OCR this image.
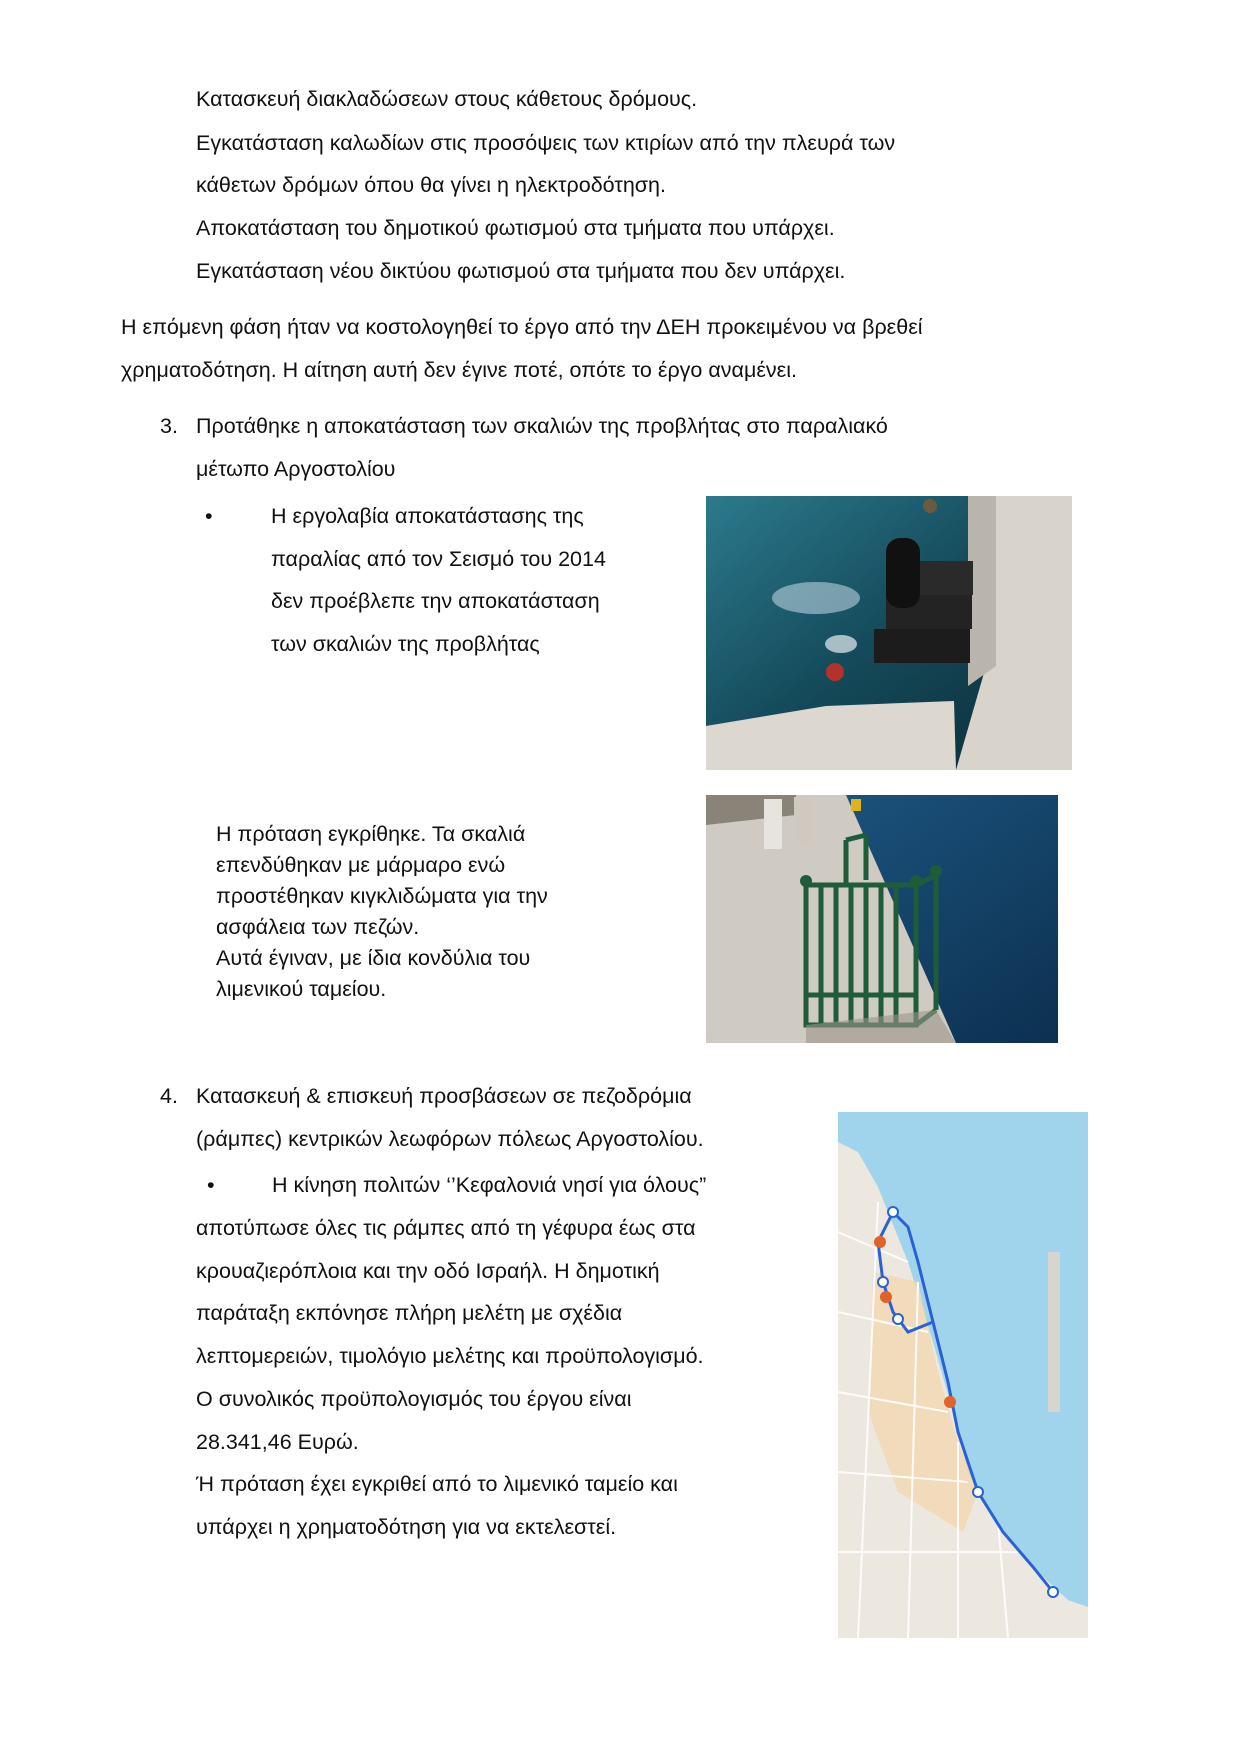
Κατασκευή διακλαδώσεων στους κάθετους δρόμους.
Εγκατάσταση καλωδίων στις προσόψεις των κτιρίων από την πλευρά των
κάθετων δρόμων όπου θα γίνει η ηλεκτροδότηση.
Αποκατάσταση του δημοτικού φωτισμού στα τμήματα που υπάρχει.
Εγκατάσταση νέου δικτύου φωτισμού στα τμήματα που δεν υπάρχει.
Η επόμενη φάση ήταν να κοστολογηθεί το έργο από την ΔΕΗ προκειμένου να βρεθεί
χρηματοδότηση. Η αίτηση αυτή δεν έγινε ποτέ, οπότε το έργο αναμένει.
3. Προτάθηκε η αποκατάσταση των σκαλιών της προβλήτας στο παραλιακό
μέτωπο Αργοστολίου
•	Η εργολαβία αποκατάστασης της
παραλίας από τον Σεισμό του 2014
δεν προέβλεπε την αποκατάσταση
των σκαλιών της προβλήτας
Η πρόταση εγκρίθηκε. Τα σκαλιά
επενδύθηκαν με μάρμαρο ενώ
προστέθηκαν κιγκλιδώματα για την
ασφάλεια των πεζών.
Αυτά έγιναν, με ίδια κονδύλια του
λιμενικού ταμείου.
4. Κατασκευή & επισκευή προσβάσεων σε πεζοδρόμια
(ράμπες) κεντρικών λεωφόρων πόλεως Αργοστολίου.
•	Η κίνηση πολιτών ‘’Κεφαλονιά νησί για όλους”
αποτύπωσε όλες τις ράμπες από τη γέφυρα έως στα
κρουαζιερόπλοια και την οδό Ισραήλ. Η δημοτική
παράταξη εκπόνησε πλήρη μελέτη με σχέδια
λεπτομερειών, τιμολόγιο μελέτης και προϋπολογισμό.
Ο συνολικός προϋπολογισμός του έργου είναι
28.341,46 Ευρώ.
Ή πρόταση έχει εγκριθεί από το λιμενικό ταμείο και
υπάρχει η χρηματοδότηση για να εκτελεστεί.
